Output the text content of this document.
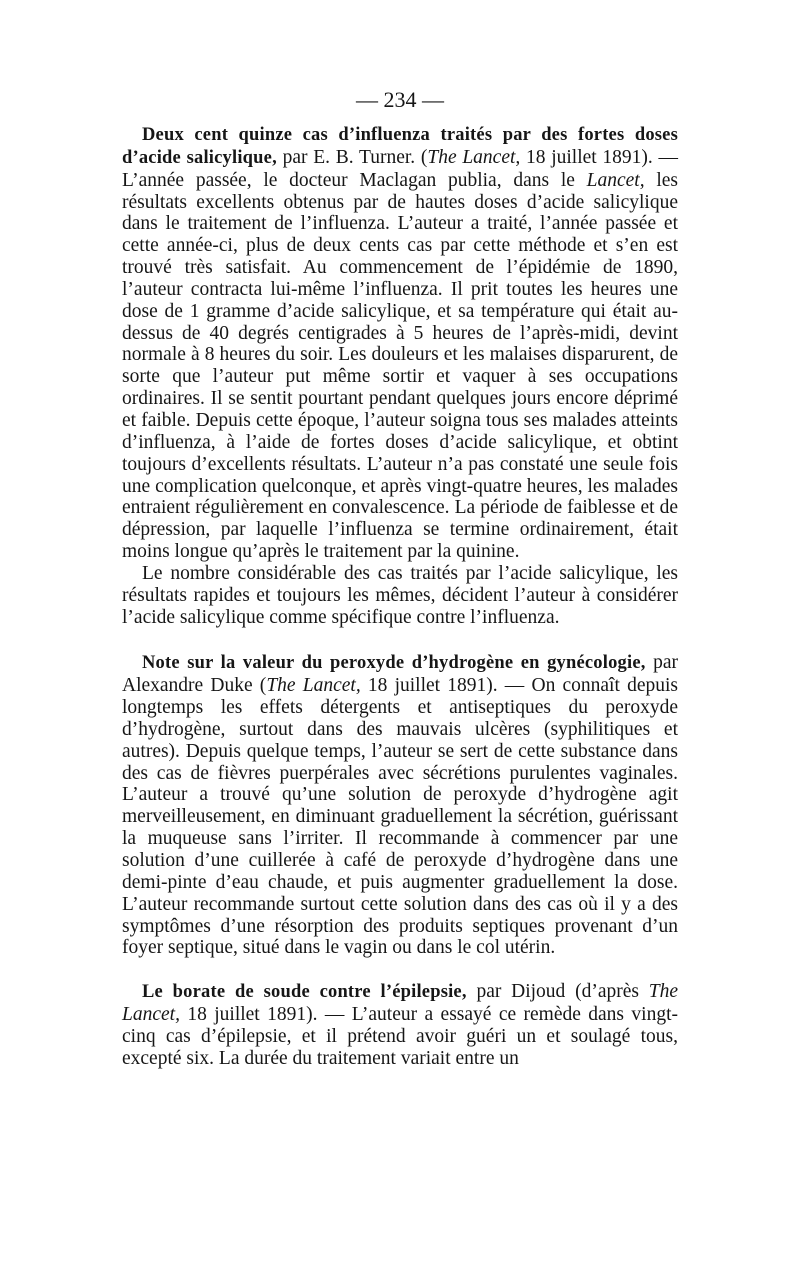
— 234 —

Deux cent quinze cas d’influenza traités par des fortes doses d’acide salicylique, par E. B. Turner. (The Lancet, 18 juillet 1891). — L’année passée, le docteur Maclagan publia, dans le Lancet, les résultats excellents obtenus par de hautes doses d’acide salicylique dans le traitement de l’influenza. L’auteur a traité, l’année passée et cette année-ci, plus de deux cents cas par cette méthode et s’en est trouvé très satisfait. Au commencement de l’épidémie de 1890, l’auteur contracta lui-même l’influenza. Il prit toutes les heures une dose de 1 gramme d’acide salicylique, et sa température qui était au-dessus de 40 degrés centigrades à 5 heures de l’après-midi, devint normale à 8 heures du soir. Les douleurs et les malaises disparurent, de sorte que l’auteur put même sortir et vaquer à ses occupations ordinaires. Il se sentit pourtant pendant quelques jours encore déprimé et faible. Depuis cette époque, l’auteur soigna tous ses malades atteints d’influenza, à l’aide de fortes doses d’acide salicylique, et obtint toujours d’excellents résultats. L’auteur n’a pas constaté une seule fois une complication quelconque, et après vingt-quatre heures, les malades entraient régulièrement en convalescence. La période de faiblesse et de dépression, par laquelle l’influenza se termine ordinairement, était moins longue qu’après le traitement par la quinine.

Le nombre considérable des cas traités par l’acide salicylique, les résultats rapides et toujours les mêmes, décident l’auteur à considérer l’acide salicylique comme spécifique contre l’influenza.

Note sur la valeur du peroxyde d’hydrogène en gynécologie, par Alexandre Duke (The Lancet, 18 juillet 1891). — On connaît depuis longtemps les effets détergents et antiseptiques du peroxyde d’hydrogène, surtout dans des mauvais ulcères (syphilitiques et autres). Depuis quelque temps, l’auteur se sert de cette substance dans des cas de fièvres puerpérales avec sécrétions purulentes vaginales. L’auteur a trouvé qu’une solution de peroxyde d’hydrogène agit merveilleusement, en diminuant graduellement la sécrétion, guérissant la muqueuse sans l’irriter. Il recommande à commencer par une solution d’une cuillerée à café de peroxyde d’hydrogène dans une demi-pinte d’eau chaude, et puis augmenter graduellement la dose. L’auteur recommande surtout cette solution dans des cas où il y a des symptômes d’une résorption des produits septiques provenant d’un foyer septique, situé dans le vagin ou dans le col utérin.

Le borate de soude contre l’épilepsie, par Dijoud (d’après The Lancet, 18 juillet 1891). — L’auteur a essayé ce remède dans vingt-cinq cas d’épilepsie, et il prétend avoir guéri un et soulagé tous, excepté six. La durée du traitement variait entre un
